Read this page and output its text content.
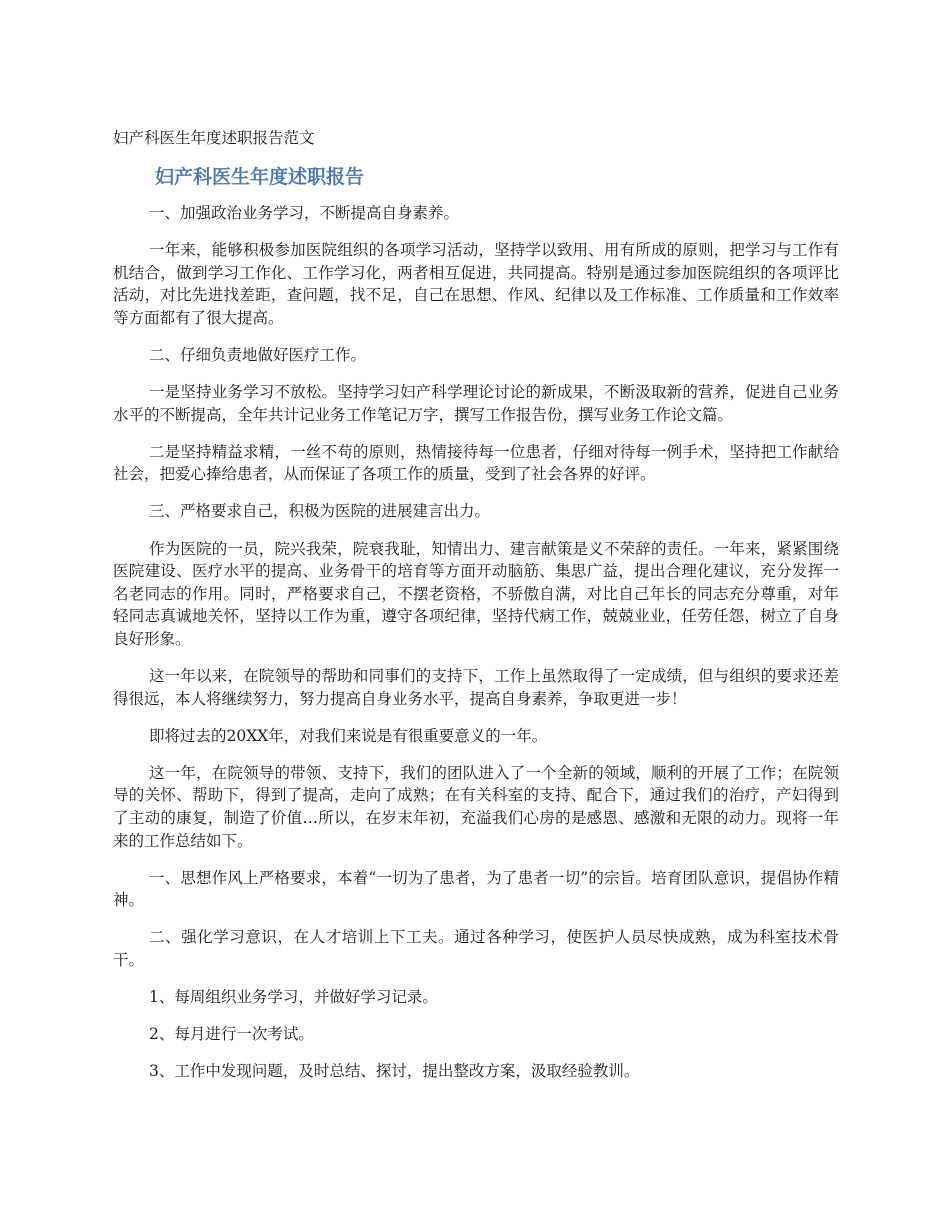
妇产科医生年度述职报告范文
妇产科医生年度述职报告

一、加强政治业务学习，不断提高自身素养。

一年来，能够积极参加医院组织的各项学习活动，坚持学以致用、用有所成的原则，把学习与工作有机结合，做到学习工作化、工作学习化，两者相互促进，共同提高。特别是通过参加医院组织的各项评比活动，对比先进找差距，查问题，找不足，自己在思想、作风、纪律以及工作标准、工作质量和工作效率等方面都有了很大提高。

二、仔细负责地做好医疗工作。

一是坚持业务学习不放松。坚持学习妇产科学理论讨论的新成果，不断汲取新的营养，促进自己业务水平的不断提高，全年共计记业务工作笔记万字，撰写工作报告份，撰写业务工作论文篇。

二是坚持精益求精，一丝不苟的原则，热情接待每一位患者，仔细对待每一例手术，坚持把工作献给社会，把爱心捧给患者，从而保证了各项工作的质量，受到了社会各界的好评。

三、严格要求自己，积极为医院的进展建言出力。

作为医院的一员，院兴我荣，院衰我耻，知情出力、建言献策是义不荣辞的责任。一年来，紧紧围绕医院建设、医疗水平的提高、业务骨干的培育等方面开动脑筋、集思广益，提出合理化建议，充分发挥一名老同志的作用。同时，严格要求自己，不摆老资格，不骄傲自满，对比自己年长的同志充分尊重，对年轻同志真诚地关怀，坚持以工作为重，遵守各项纪律，坚持代病工作，兢兢业业，任劳任怨，树立了自身良好形象。

这一年以来，在院领导的帮助和同事们的支持下，工作上虽然取得了一定成绩，但与组织的要求还差得很远，本人将继续努力，努力提高自身业务水平，提高自身素养，争取更进一步！

即将过去的20XX年，对我们来说是有很重要意义的一年。

这一年，在院领导的带领、支持下，我们的团队进入了一个全新的领域，顺利的开展了工作；在院领导的关怀、帮助下，得到了提高，走向了成熟；在有关科室的支持、配合下，通过我们的治疗，产妇得到了主动的康复，制造了价值…所以，在岁末年初，充溢我们心房的是感恩、感激和无限的动力。现将一年来的工作总结如下。

一、思想作风上严格要求，本着“一切为了患者，为了患者一切”的宗旨。培育团队意识，提倡协作精神。

二、强化学习意识，在人才培训上下工夫。通过各种学习，使医护人员尽快成熟，成为科室技术骨干。

1、每周组织业务学习，并做好学习记录。

2、每月进行一次考试。

3、工作中发现问题，及时总结、探讨，提出整改方案，汲取经验教训。
